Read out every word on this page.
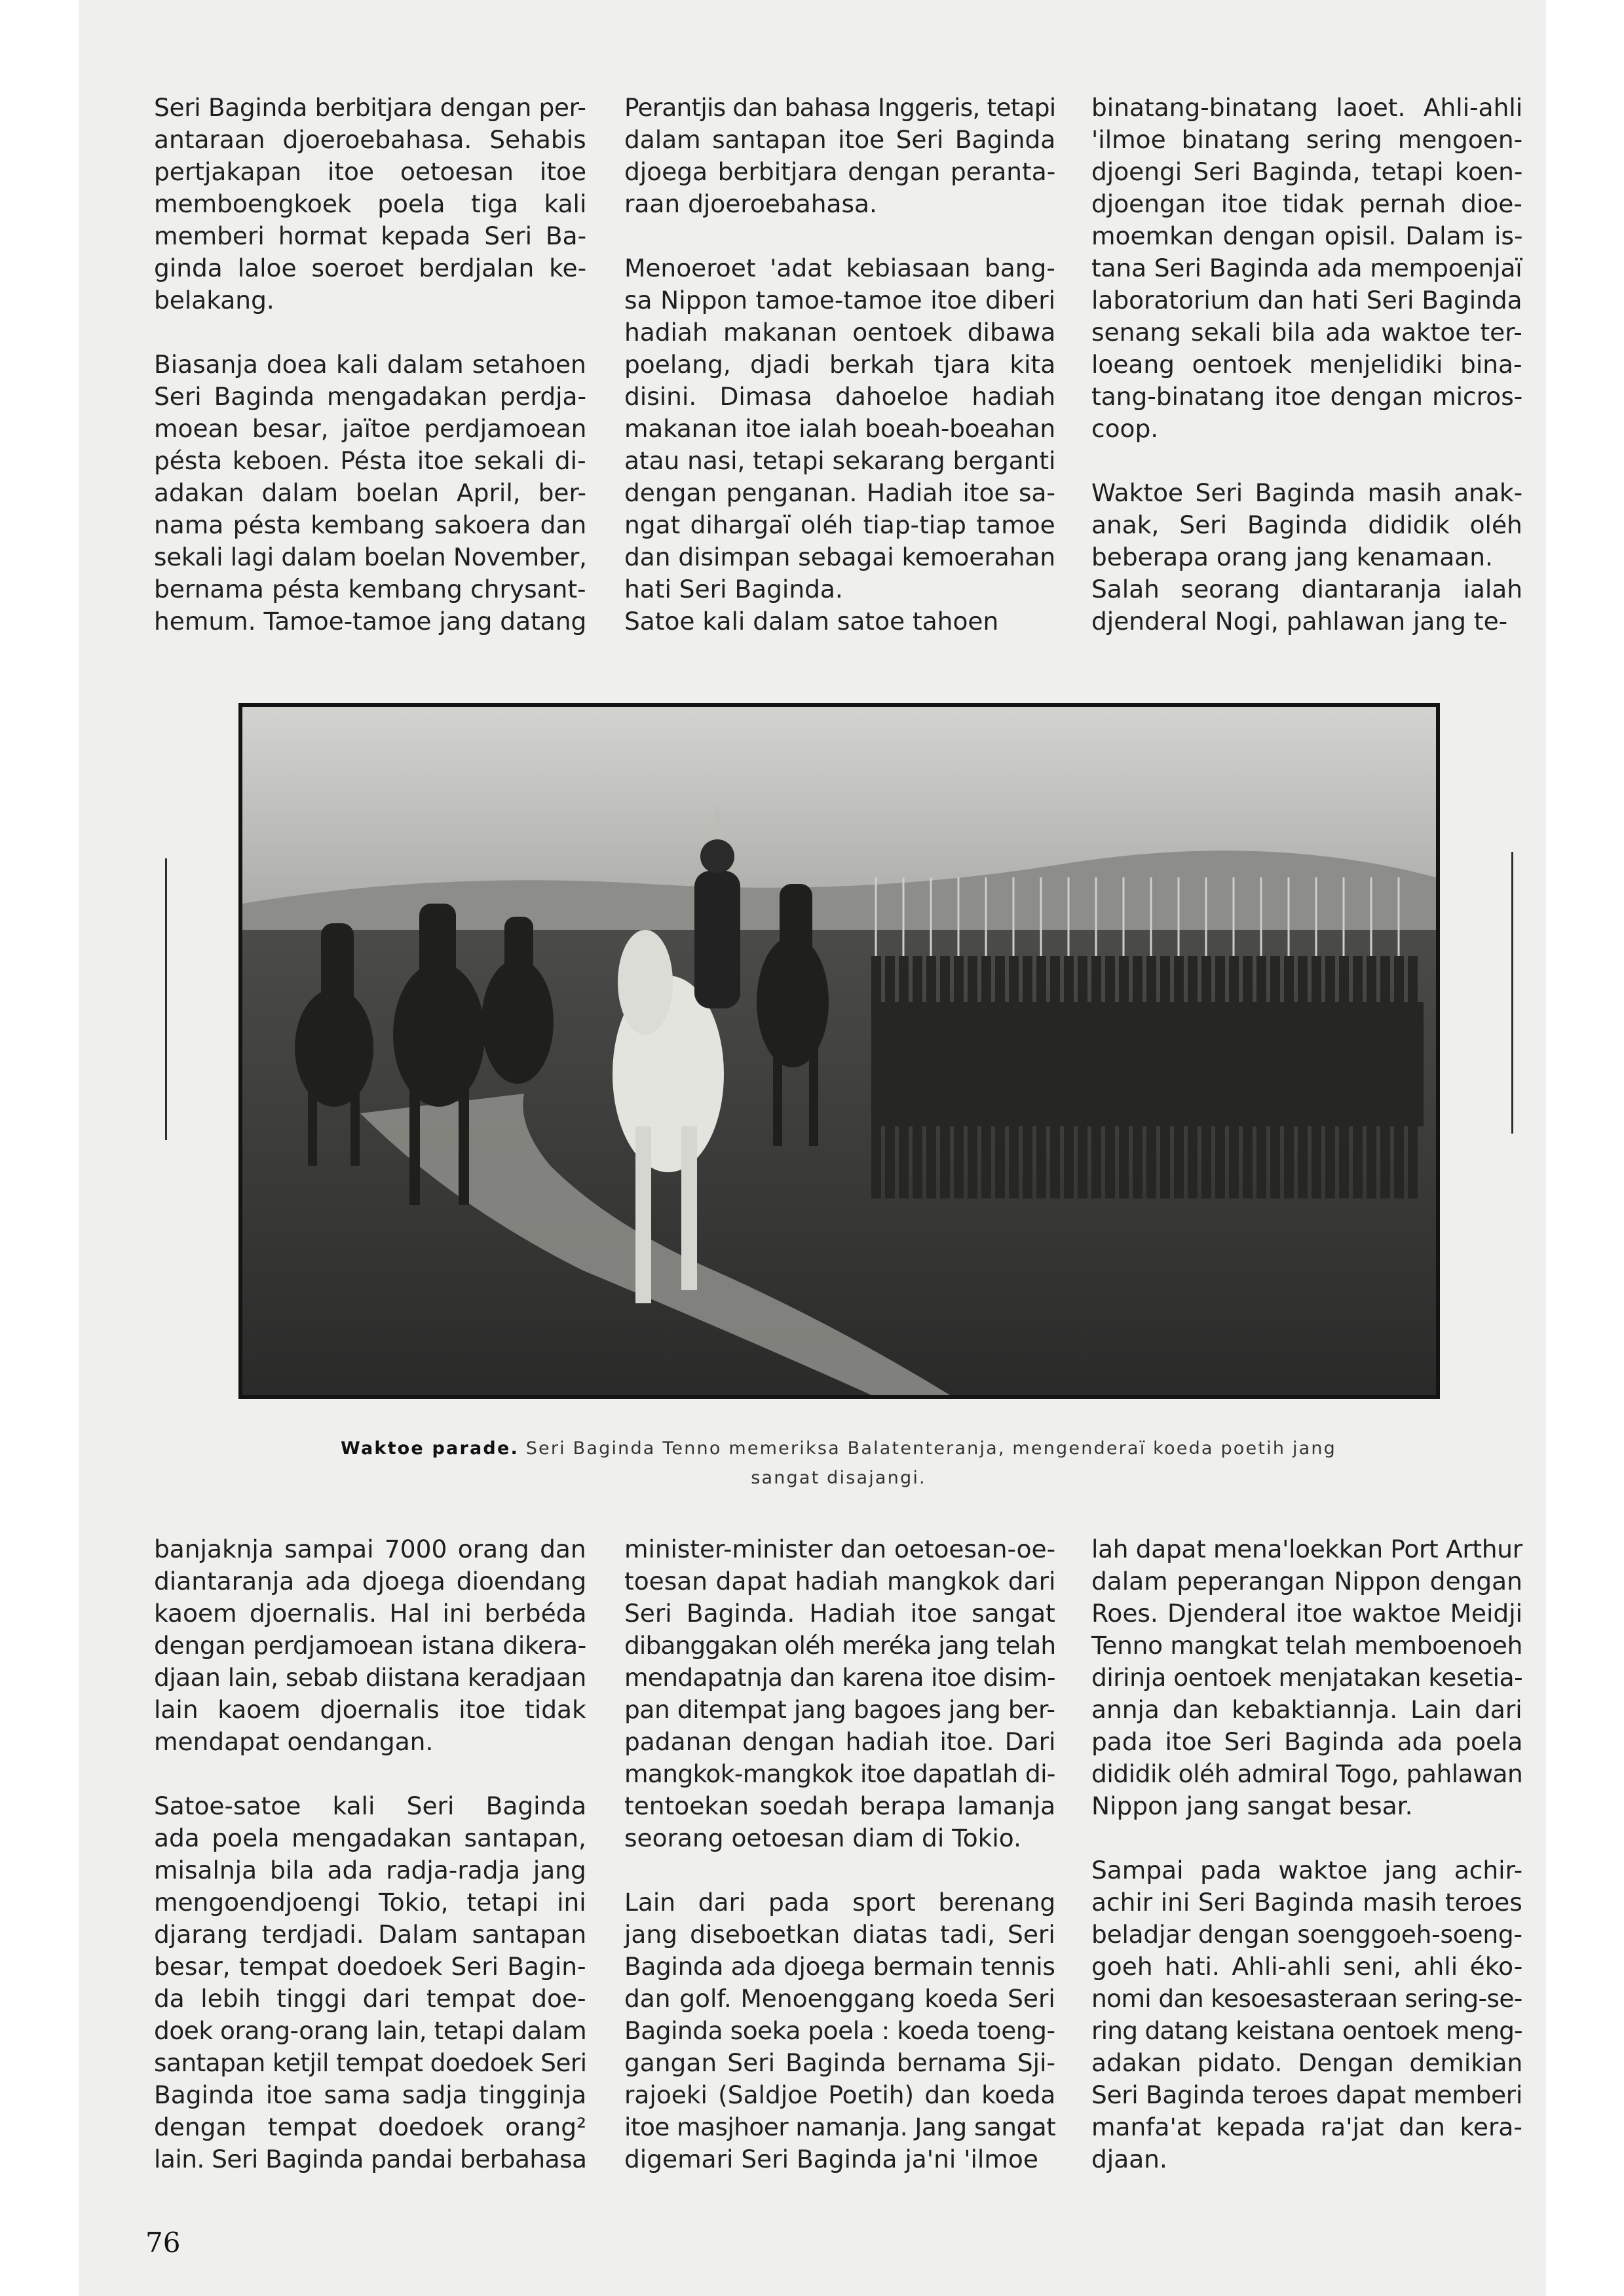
Seri Baginda berbitjara dengan per-
antaraan djoeroebahasa. Sehabis
pertjakapan itoe oetoesan itoe
memboengkoek poela tiga kali
memberi hormat kepada Seri Ba-
ginda laloe soeroet berdjalan ke-
belakang.
Biasanja doea kali dalam setahoen
Seri Baginda mengadakan perdja-
moean besar, jaïtoe perdjamoean
pésta keboen. Pésta itoe sekali di-
adakan dalam boelan April, ber-
nama pésta kembang sakoera dan
sekali lagi dalam boelan November,
bernama pésta kembang chrysant-
hemum. Tamoe-tamoe jang datang
Perantjis dan bahasa Inggeris, tetapi
dalam santapan itoe Seri Baginda
djoega berbitjara dengan peranta-
raan djoeroebahasa.
Menoeroet 'adat kebiasaan bang-
sa Nippon tamoe-tamoe itoe diberi
hadiah makanan oentoek dibawa
poelang, djadi berkah tjara kita
disini. Dimasa dahoeloe hadiah
makanan itoe ialah boeah-boeahan
atau nasi, tetapi sekarang berganti
dengan penganan. Hadiah itoe sa-
ngat dihargaï oléh tiap-tiap tamoe
dan disimpan sebagai kemoerahan
hati Seri Baginda.
Satoe kali dalam satoe tahoen
binatang-binatang laoet. Ahli-ahli
'ilmoe binatang sering mengoen-
djoengi Seri Baginda, tetapi koen-
djoengan itoe tidak pernah dioe-
moemkan dengan opisil. Dalam is-
tana Seri Baginda ada mempoenjaï
laboratorium dan hati Seri Baginda
senang sekali bila ada waktoe ter-
loeang oentoek menjelidiki bina-
tang-binatang itoe dengan micros-
coop.
Waktoe Seri Baginda masih anak-
anak, Seri Baginda dididik oléh
beberapa orang jang kenamaan.
Salah seorang diantaranja ialah
djenderal Nogi, pahlawan jang te-
Waktoe parade. Seri Baginda Tenno memeriksa Balatenteranja, mengenderaï koeda poetih jang
sangat disajangi.
banjaknja sampai 7000 orang dan
diantaranja ada djoega dioendang
kaoem djoernalis. Hal ini berbéda
dengan perdjamoean istana dikera-
djaan lain, sebab diistana keradjaan
lain kaoem djoernalis itoe tidak
mendapat oendangan.
Satoe-satoe kali Seri Baginda
ada poela mengadakan santapan,
misalnja bila ada radja-radja jang
mengoendjoengi Tokio, tetapi ini
djarang terdjadi. Dalam santapan
besar, tempat doedoek Seri Bagin-
da lebih tinggi dari tempat doe-
doek orang-orang lain, tetapi dalam
santapan ketjil tempat doedoek Seri
Baginda itoe sama sadja tingginja
dengan tempat doedoek orang²
lain. Seri Baginda pandai berbahasa
minister-minister dan oetoesan-oe-
toesan dapat hadiah mangkok dari
Seri Baginda. Hadiah itoe sangat
dibanggakan oléh meréka jang telah
mendapatnja dan karena itoe disim-
pan ditempat jang bagoes jang ber-
padanan dengan hadiah itoe. Dari
mangkok-mangkok itoe dapatlah di-
tentoekan soedah berapa lamanja
seorang oetoesan diam di Tokio.
Lain dari pada sport berenang
jang diseboetkan diatas tadi, Seri
Baginda ada djoega bermain tennis
dan golf. Menoenggang koeda Seri
Baginda soeka poela : koeda toeng-
gangan Seri Baginda bernama Sji-
rajoeki (Saldjoe Poetih) dan koeda
itoe masjhoer namanja. Jang sangat
digemari Seri Baginda ja'ni 'ilmoe
lah dapat mena'loekkan Port Arthur
dalam peperangan Nippon dengan
Roes. Djenderal itoe waktoe Meidji
Tenno mangkat telah memboenoeh
dirinja oentoek menjatakan kesetia-
annja dan kebaktiannja. Lain dari
pada itoe Seri Baginda ada poela
dididik oléh admiral Togo, pahlawan
Nippon jang sangat besar.
Sampai pada waktoe jang achir-
achir ini Seri Baginda masih teroes
beladjar dengan soenggoeh-soeng-
goeh hati. Ahli-ahli seni, ahli éko-
nomi dan kesoesasteraan sering-se-
ring datang keistana oentoek meng-
adakan pidato. Dengan demikian
Seri Baginda teroes dapat memberi
manfa'at kepada ra'jat dan kera-
djaan.
76
